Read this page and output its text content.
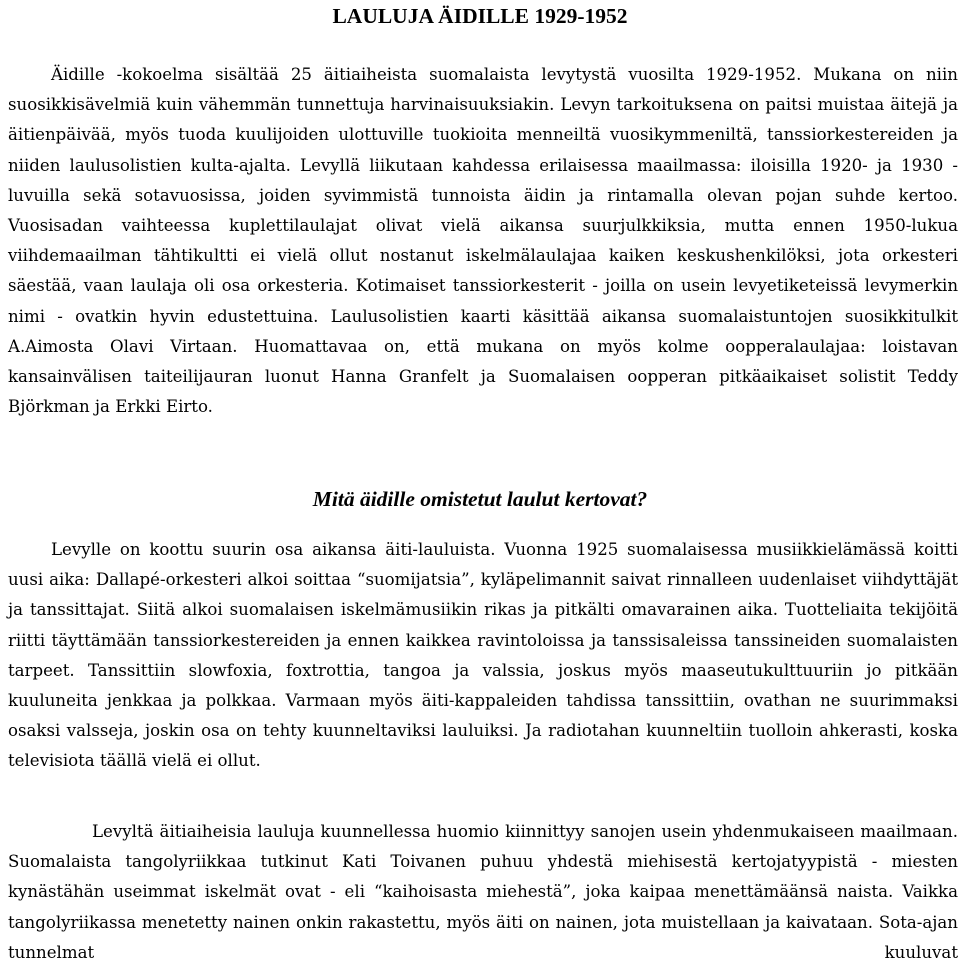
LAULUJA ÄIDILLE 1929-1952

Äidille -kokoelma sisältää 25 äitiaiheista suomalaista levytystä vuosilta 1929-1952. Mukana on niin suosikkisävelmiä kuin vähemmän tunnettuja harvinaisuuksiakin. Levyn tarkoituksena on paitsi muistaa äitejä ja äitienpäivää, myös tuoda kuulijoiden ulottuville tuokioita menneiltä vuosikymmeniltä, tanssiorkestereiden ja niiden laulusolistien kulta-ajalta. Levyllä liikutaan kahdessa erilaisessa maailmassa: iloisilla 1920- ja 1930 -luvuilla sekä sotavuosissa, joiden syvimmistä tunnoista äidin ja rintamalla olevan pojan suhde kertoo. Vuosisadan vaihteessa kuplettilaulajat olivat vielä aikansa suurjulkkiksia, mutta ennen 1950-lukua viihdemaailman tähtikultti ei vielä ollut nostanut iskelmälaulajaa kaiken keskushenkilöksi, jota orkesteri säestää, vaan laulaja oli osa orkesteria. Kotimaiset tanssiorkesterit - joilla on usein levyetiketeissä levymerkin nimi - ovatkin hyvin edustettuina. Laulusolistien kaarti käsittää aikansa suomalaistuntojen suosikkitulkit A.Aimosta Olavi Virtaan. Huomattavaa on, että mukana on myös kolme oopperalaulajaa: loistavan kansainvälisen taiteilijauran luonut Hanna Granfelt ja Suomalaisen oopperan pitkäaikaiset solistit Teddy Björkman ja Erkki Eirto.

Mitä äidille omistetut laulut kertovat?

Levylle on koottu suurin osa aikansa äiti-lauluista. Vuonna 1925 suomalaisessa musiikkielämässä koitti uusi aika: Dallapé-orkesteri alkoi soittaa “suomijatsia”, kyläpelimannit saivat rinnalleen uudenlaiset viihdyttäjät ja tanssittajat. Siitä alkoi suomalaisen iskelmämusiikin rikas ja pitkälti omavarainen aika. Tuotteliaita tekijöitä riitti täyttämään tanssiorkestereiden ja ennen kaikkea ravintoloissa ja tanssisaleissa tanssineiden suomalaisten tarpeet. Tanssittiin slowfoxia, foxtrottia, tangoa ja valssia, joskus myös maaseutukulttuuriin jo pitkään kuuluneita jenkkaa ja polkkaa. Varmaan myös äiti-kappaleiden tahdissa tanssittiin, ovathan ne suurimmaksi osaksi valsseja, joskin osa on tehty kuunneltaviksi lauluiksi. Ja radiotahan kuunneltiin tuolloin ahkerasti, koska televisiota täällä vielä ei ollut.

Levyltä äitiaiheisia lauluja kuunnellessa huomio kiinnittyy sanojen usein yhdenmukaiseen maailmaan. Suomalaista tangolyriikkaa tutkinut Kati Toivanen puhuu yhdestä miehisestä kertojatyypistä - miesten kynästähän useimmat iskelmät ovat - eli “kaihoisasta miehestä”, joka kaipaa menettämäänsä naista. Vaikka tangolyriikassa menetetty nainen onkin rakastettu, myös äiti on nainen, jota muistellaan ja kaivataan. Sota-ajan tunnelmat kuuluvat
